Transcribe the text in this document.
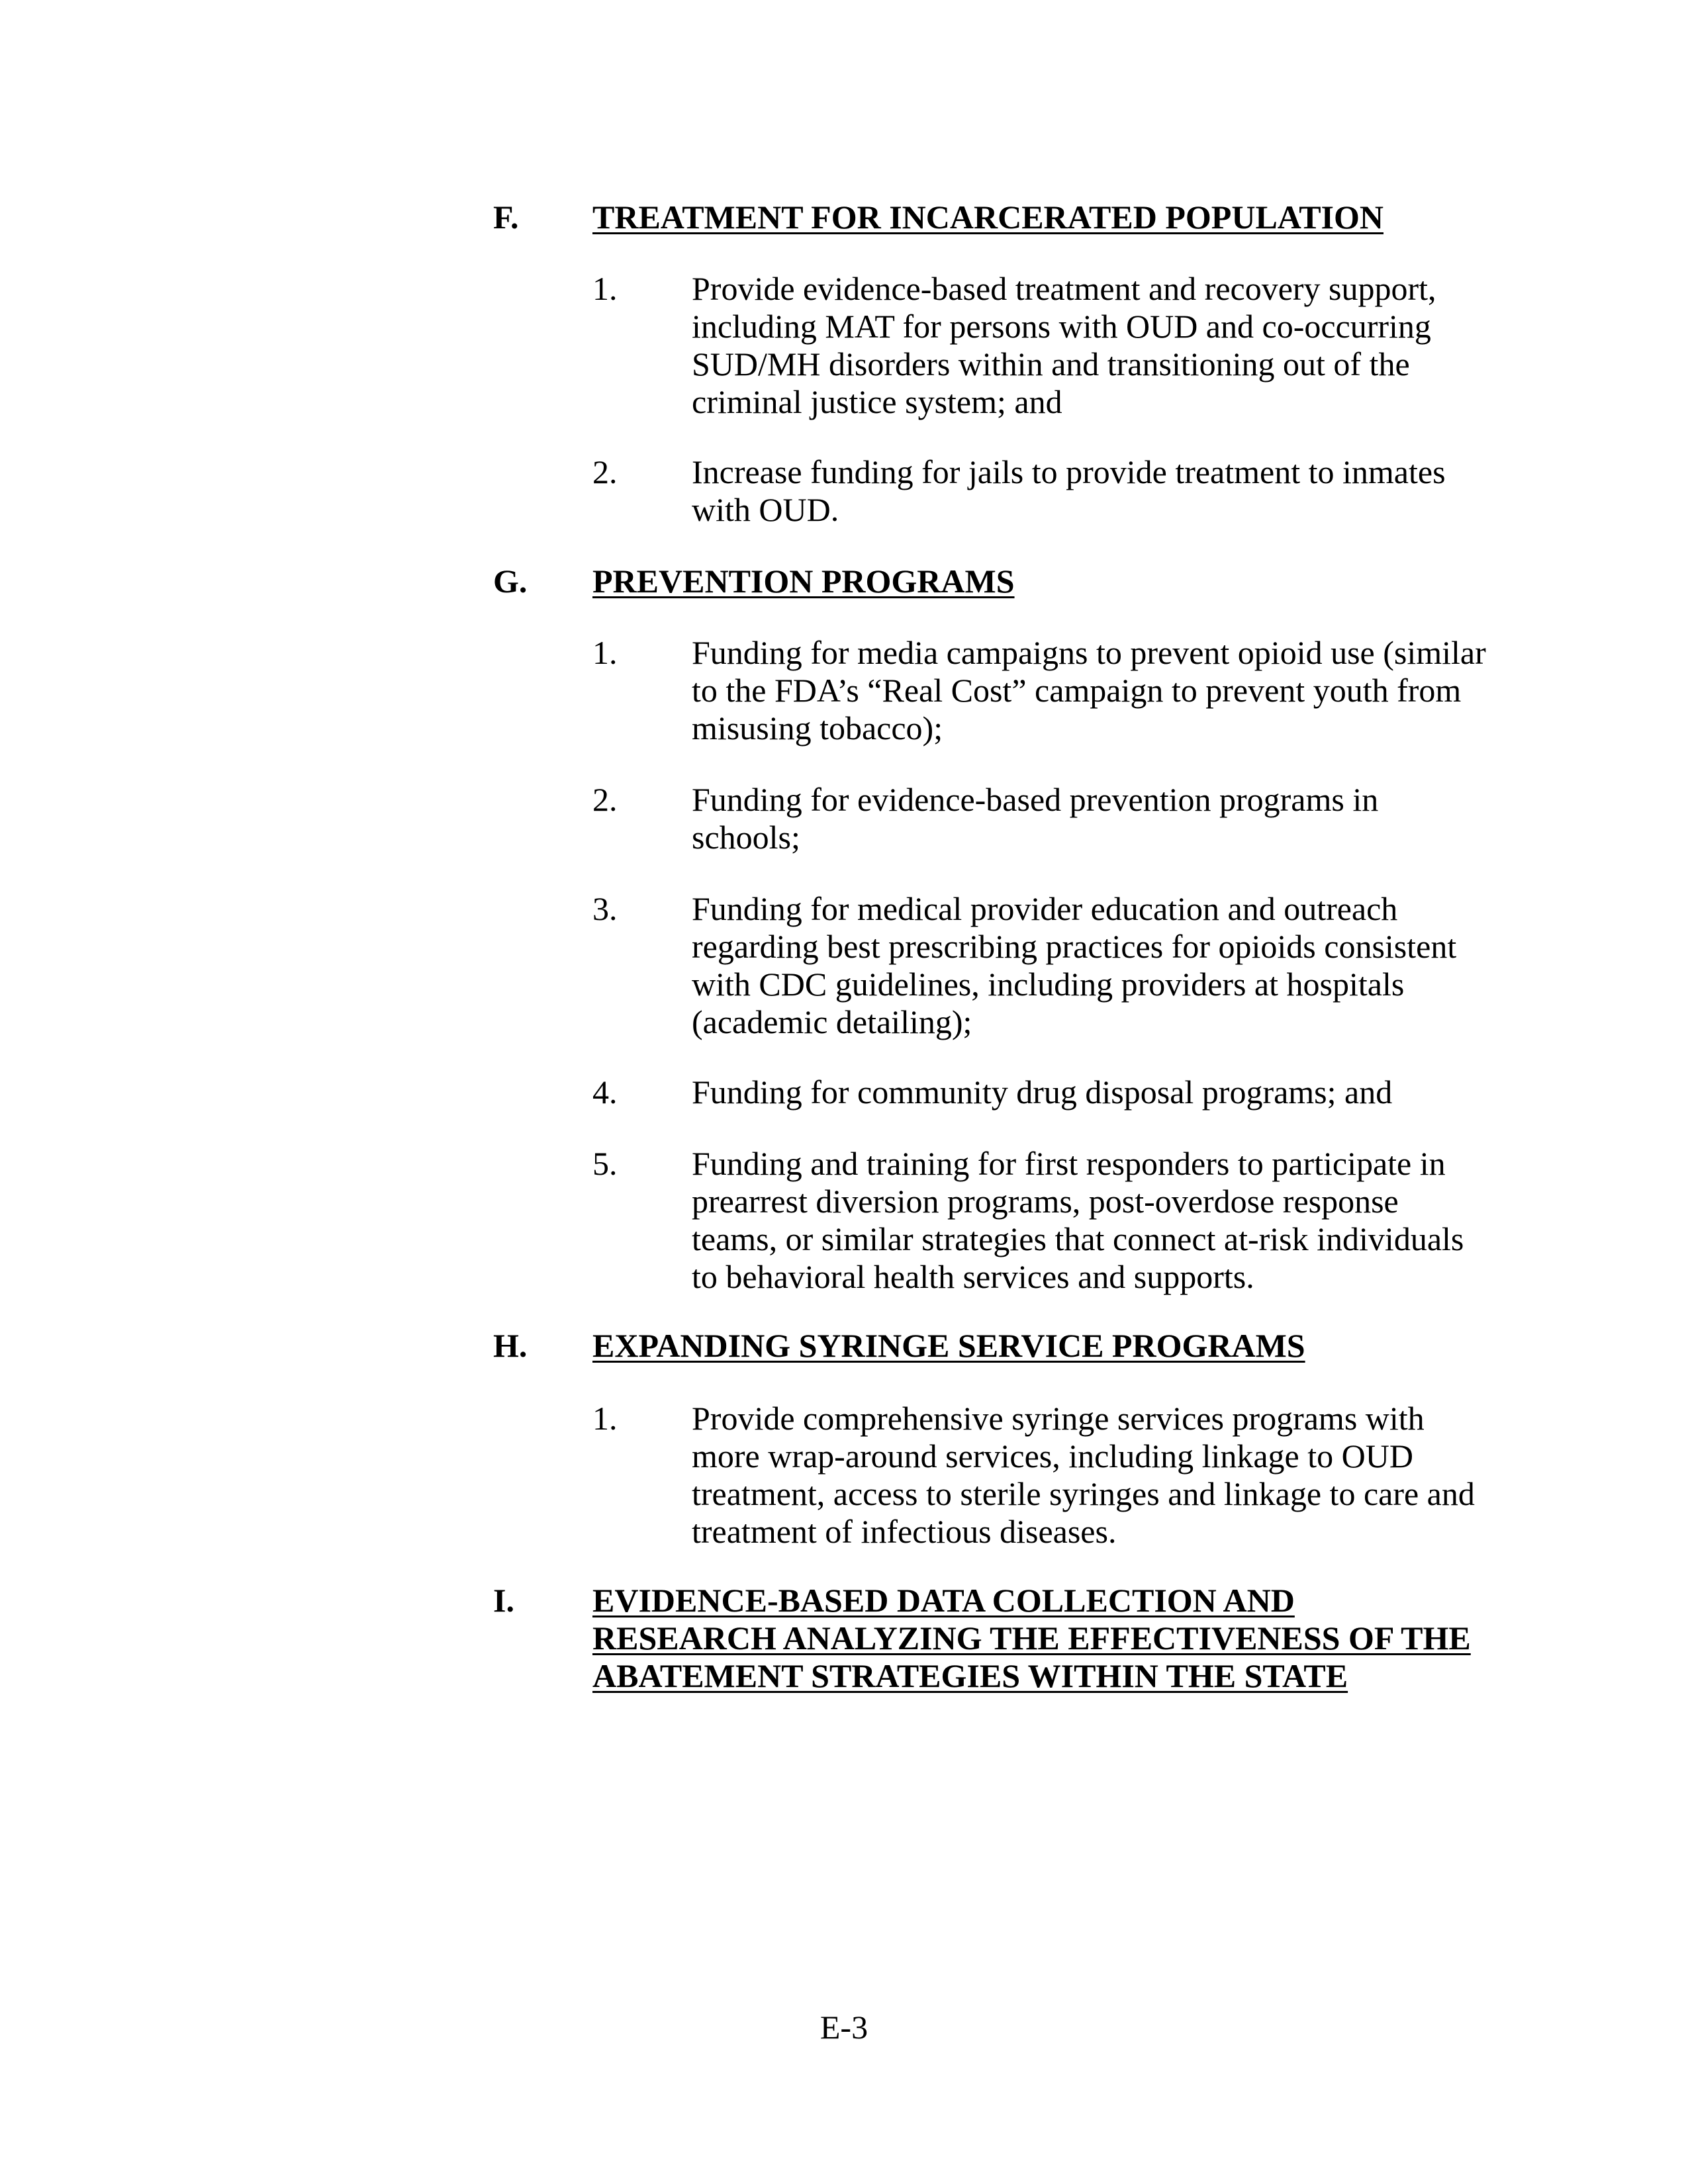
F.	TREATMENT FOR INCARCERATED POPULATION
1.	Provide evidence-based treatment and recovery support, including MAT for persons with OUD and co-occurring SUD/MH disorders within and transitioning out of the criminal justice system; and
2.	Increase funding for jails to provide treatment to inmates with OUD.
G.	PREVENTION PROGRAMS
1.	Funding for media campaigns to prevent opioid use (similar to the FDA’s “Real Cost” campaign to prevent youth from misusing tobacco);
2.	Funding for evidence-based prevention programs in schools;
3.	Funding for medical provider education and outreach regarding best prescribing practices for opioids consistent with CDC guidelines, including providers at hospitals (academic detailing);
4.	Funding for community drug disposal programs; and
5.	Funding and training for first responders to participate in prearrest diversion programs, post-overdose response teams, or similar strategies that connect at-risk individuals to behavioral health services and supports.
H.	EXPANDING SYRINGE SERVICE PROGRAMS
1.	Provide comprehensive syringe services programs with more wrap-around services, including linkage to OUD treatment, access to sterile syringes and linkage to care and treatment of infectious diseases.
I.	EVIDENCE-BASED DATA COLLECTION AND RESEARCH ANALYZING THE EFFECTIVENESS OF THE ABATEMENT STRATEGIES WITHIN THE STATE
E-3
